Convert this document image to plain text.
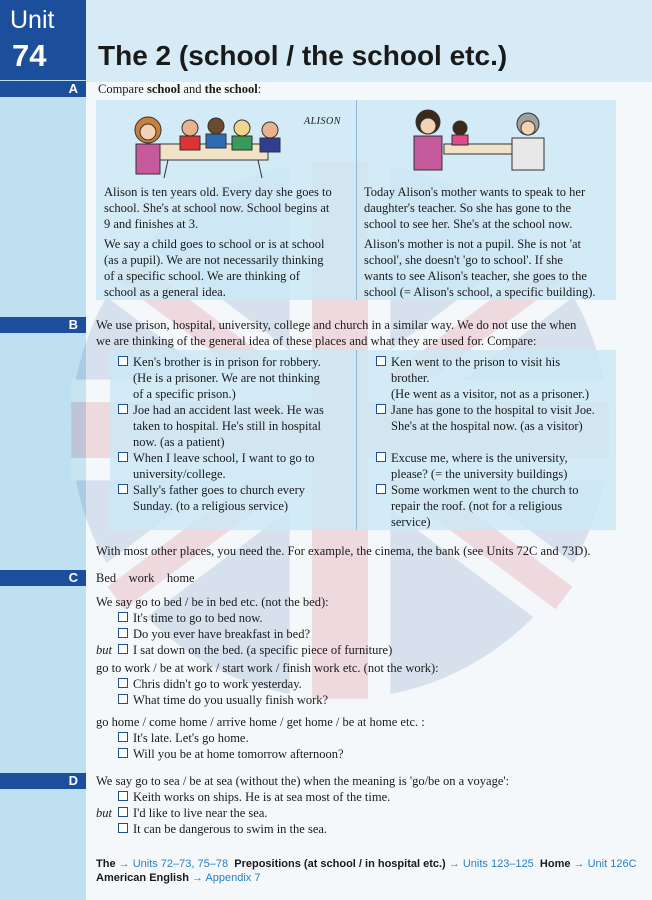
Unit
74 The 2 (school / the school etc.)
A Compare school and the school:
ALISON
Alison is ten years old. Every day she goes to
school. She's at school now. School begins at
9 and finishes at 3.
We say a child goes to school or is at school
(as a pupil). We are not necessarily thinking
of a specific school. We are thinking of
school as a general idea.
Today Alison's mother wants to speak to her
daughter's teacher. So she has gone to the
school to see her. She's at the school now.
Alison's mother is not a pupil. She is not 'at
school', she doesn't 'go to school'. If she
wants to see Alison's teacher, she goes to the
school (= Alison's school, a specific building).
B We use prison, hospital, university, college and church in a similar way. We do not use the when
we are thinking of the general idea of these places and what they are used for. Compare:
Ken's brother is in prison for robbery.
(He is a prisoner. We are not thinking
of a specific prison.)
Joe had an accident last week. He was
taken to hospital. He's still in hospital
now. (as a patient)
When I leave school, I want to go to
university/college.
Sally's father goes to church every
Sunday. (to a religious service)
Ken went to the prison to visit his
brother.
(He went as a visitor, not as a prisoner.)
Jane has gone to the hospital to visit Joe.
She's at the hospital now. (as a visitor)
Excuse me, where is the university,
please? (= the university buildings)
Some workmen went to the church to
repair the roof. (not for a religious
service)
With most other places, you need the. For example, the cinema, the bank (see Units 72C and 73D).
C Bed    work    home
We say go to bed / be in bed etc. (not the bed):
It's time to go to bed now.
Do you ever have breakfast in bed?
but	I sat down on the bed. (a specific piece of furniture)
go to work / be at work / start work / finish work etc. (not the work):
Chris didn't go to work yesterday.
What time do you usually finish work?
go home / come home / arrive home / get home / be at home etc. :
It's late. Let's go home.
Will you be at home tomorrow afternoon?
D We say go to sea / be at sea (without the) when the meaning is 'go/be on a voyage':
Keith works on ships. He is at sea most of the time.
but	I'd like to live near the sea.
It can be dangerous to swim in the sea.
The → Units 72–73, 75–78 Prepositions (at school / in hospital etc.) → Units 123–125 Home → Unit 126C
American English → Appendix 7
